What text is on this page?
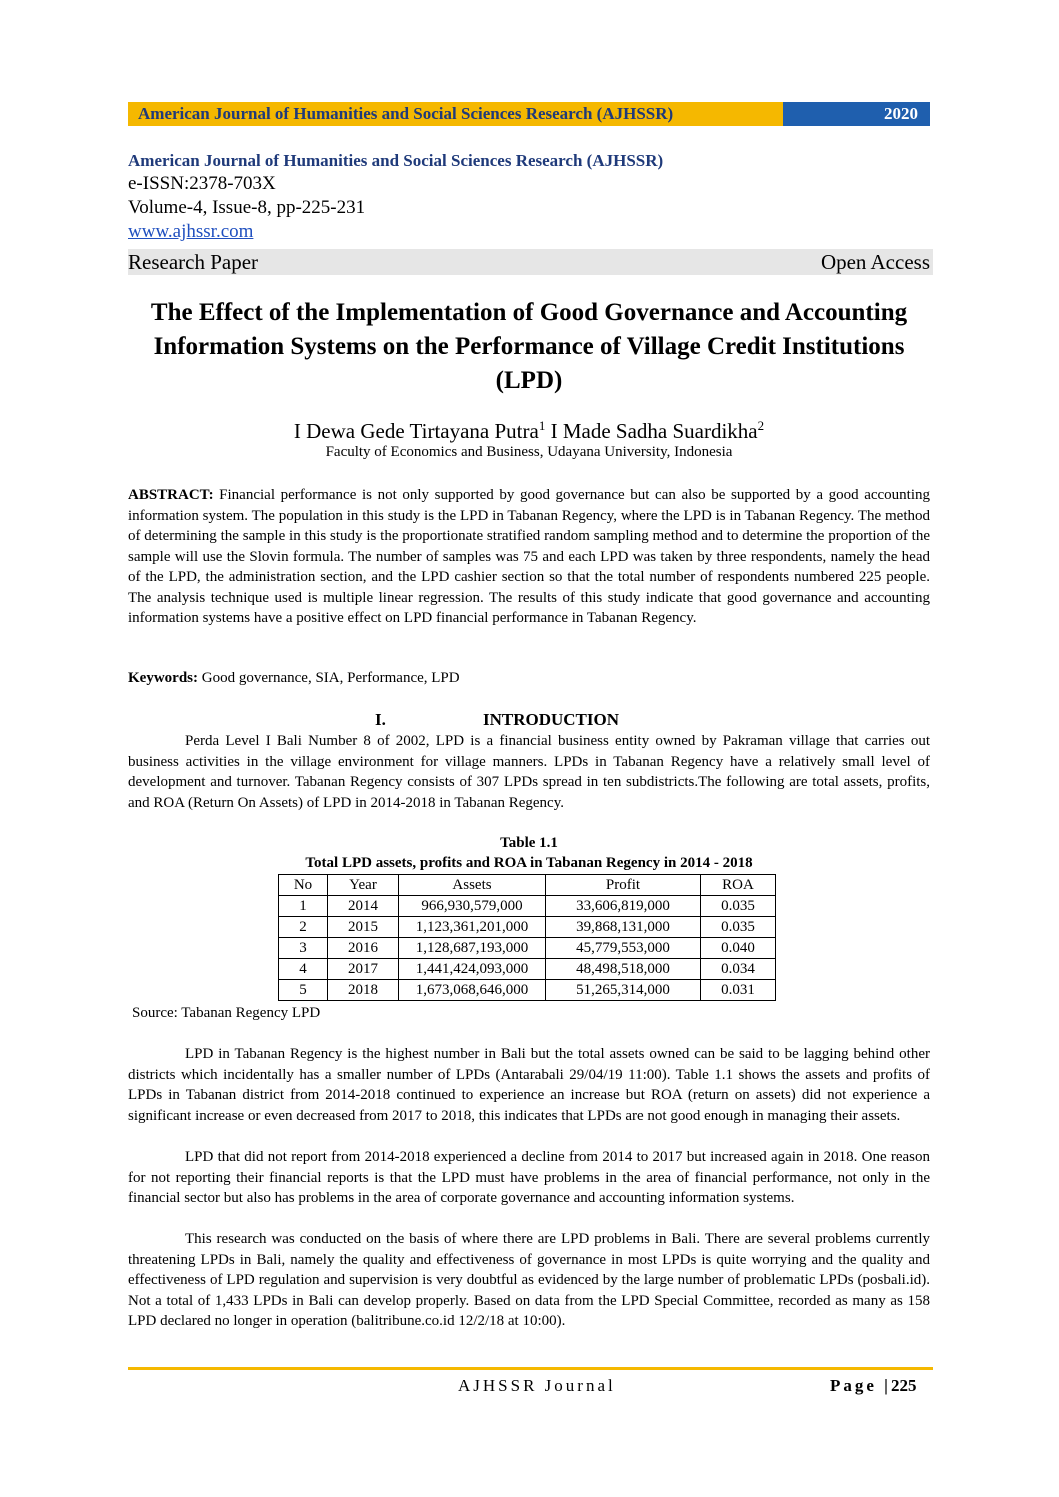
American Journal of Humanities and Social Sciences Research (AJHSSR)	2020
American Journal of Humanities and Social Sciences Research (AJHSSR)
e-ISSN:2378-703X
Volume-4, Issue-8, pp-225-231
www.ajhssr.com
Research Paper	Open Access
The Effect of the Implementation of Good Governance and Accounting Information Systems on the Performance of Village Credit Institutions (LPD)
I Dewa Gede Tirtayana Putra$^1$ I Made Sadha Suardikha$^2$
Faculty of Economics and Business, Udayana University, Indonesia
ABSTRACT: Financial performance is not only supported by good governance but can also be supported by a good accounting information system. The population in this study is the LPD in Tabanan Regency, where the LPD is in Tabanan Regency. The method of determining the sample in this study is the proportionate stratified random sampling method and to determine the proportion of the sample will use the Slovin formula. The number of samples was 75 and each LPD was taken by three respondents, namely the head of the LPD, the administration section, and the LPD cashier section so that the total number of respondents numbered 225 people. The analysis technique used is multiple linear regression. The results of this study indicate that good governance and accounting information systems have a positive effect on LPD financial performance in Tabanan Regency.
Keywords: Good governance, SIA, Performance, LPD
I.	INTRODUCTION
Perda Level I Bali Number 8 of 2002, LPD is a financial business entity owned by Pakraman village that carries out business activities in the village environment for village manners. LPDs in Tabanan Regency have a relatively small level of development and turnover. Tabanan Regency consists of 307 LPDs spread in ten subdistricts.The following are total assets, profits, and ROA (Return On Assets) of LPD in 2014-2018 in Tabanan Regency.
Table 1.1
Total LPD assets, profits and ROA in Tabanan Regency in 2014 - 2018
No	Year	Assets	Profit	ROA
1	2014	966,930,579,000	33,606,819,000	0.035
2	2015	1,123,361,201,000	39,868,131,000	0.035
3	2016	1,128,687,193,000	45,779,553,000	0.040
4	2017	1,441,424,093,000	48,498,518,000	0.034
5	2018	1,673,068,646,000	51,265,314,000	0.031
Source: Tabanan Regency LPD
LPD in Tabanan Regency is the highest number in Bali but the total assets owned can be said to be lagging behind other districts which incidentally has a smaller number of LPDs (Antarabali 29/04/19 11:00). Table 1.1 shows the assets and profits of LPDs in Tabanan district from 2014-2018 continued to experience an increase but ROA (return on assets) did not experience a significant increase or even decreased from 2017 to 2018, this indicates that LPDs are not good enough in managing their assets.
LPD that did not report from 2014-2018 experienced a decline from 2014 to 2017 but increased again in 2018. One reason for not reporting their financial reports is that the LPD must have problems in the area of financial performance, not only in the financial sector but also has problems in the area of corporate governance and accounting information systems.
This research was conducted on the basis of where there are LPD problems in Bali. There are several problems currently threatening LPDs in Bali, namely the quality and effectiveness of governance in most LPDs is quite worrying and the quality and effectiveness of LPD regulation and supervision is very doubtful as evidenced by the large number of problematic LPDs (posbali.id). Not a total of 1,433 LPDs in Bali can develop properly. Based on data from the LPD Special Committee, recorded as many as 158 LPD declared no longer in operation (balitribune.co.id 12/2/18 at 10:00).
AJHSSR Journal	Page |225
